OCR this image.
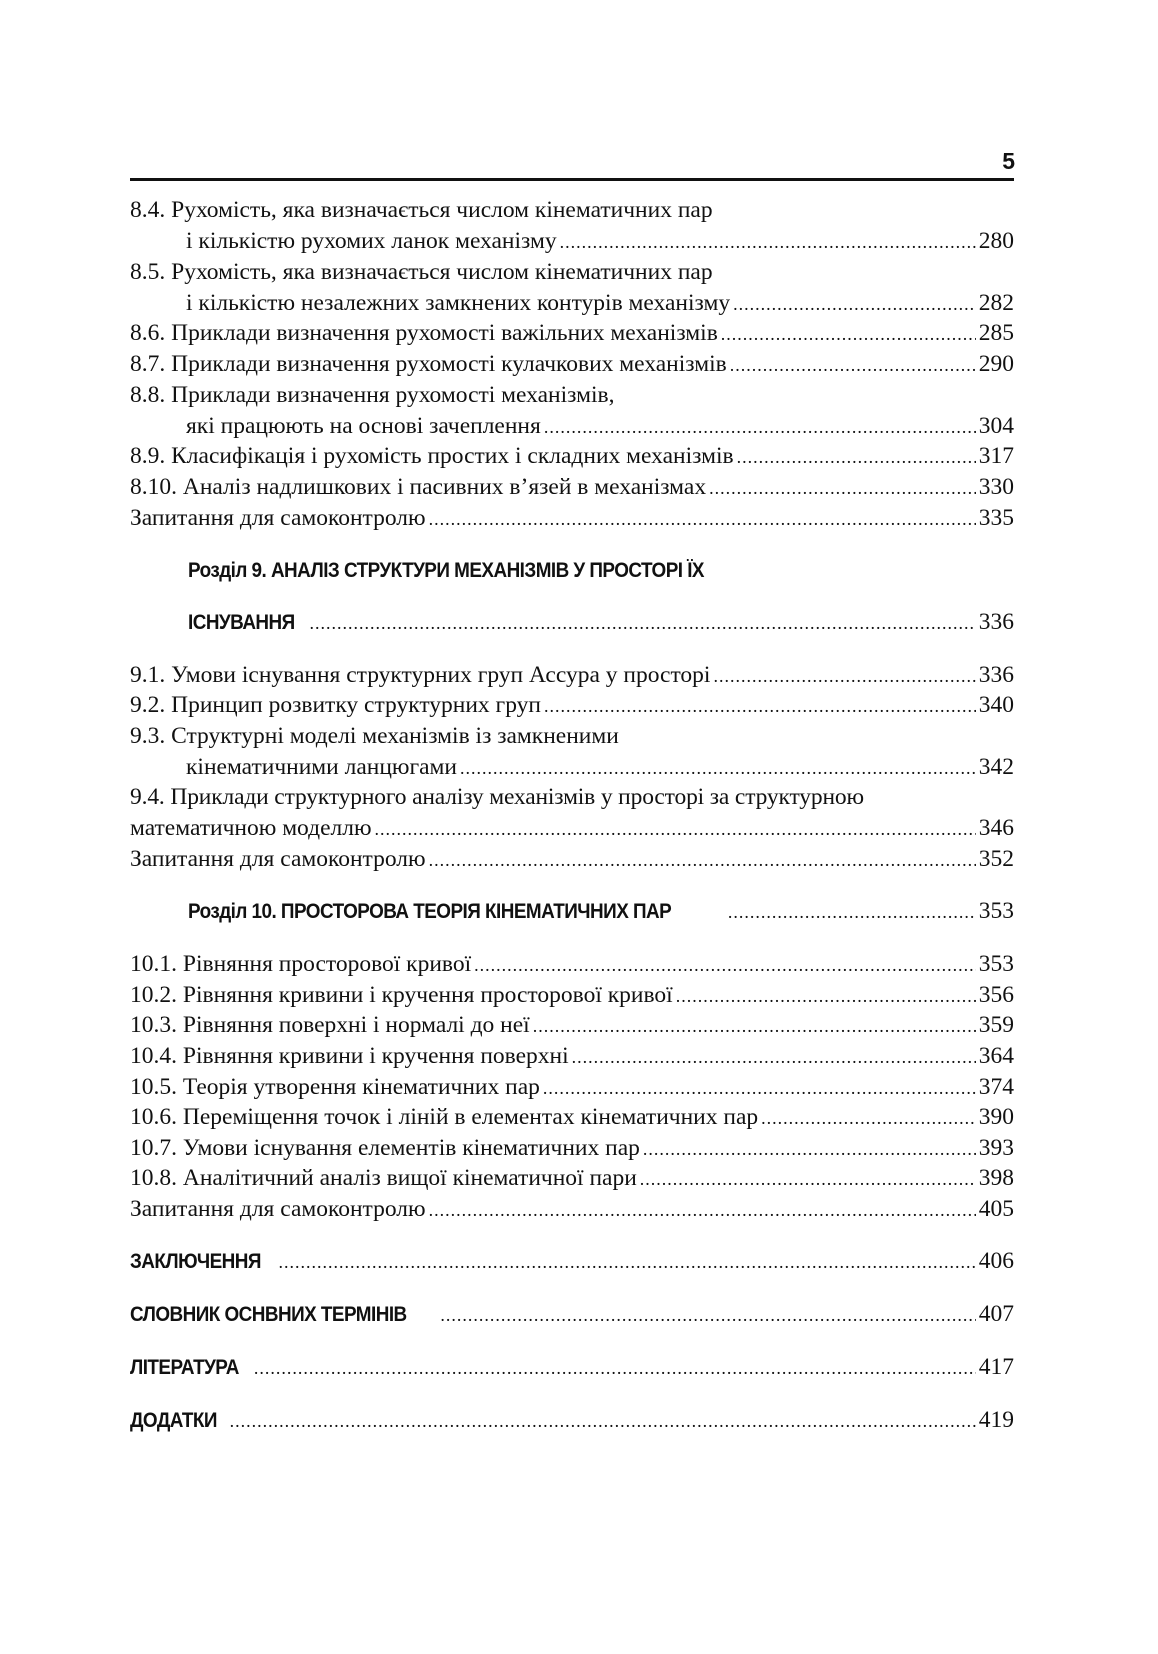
5
8.4. Рухомість, яка визначається числом кінематичних пар
і кількістю рухомих ланок механізму .....	280
8.5. Рухомість, яка визначається числом кінематичних пар
і кількістю незалежних замкнених контурів механізму .....	282
8.6. Приклади визначення рухомості важільних механізмів .....	285
8.7. Приклади визначення рухомості кулачкових механізмів .....	290
8.8. Приклади визначення рухомості механізмів,
які працюють на основі зачеплення .....	304
8.9. Класифікація і рухомість простих і складних механізмів .....	317
8.10. Аналіз надлишкових і пасивних в’язей в механізмах .....	330
Запитання для самоконтролю .....	335
Розділ 9. АНАЛІЗ СТРУКТУРИ МЕХАНІЗМІВ У ПРОСТОРІ ЇХ
ІСНУВАННЯ .....	336
9.1. Умови існування структурних груп Ассура у просторі .....	336
9.2. Принцип розвитку структурних груп .....	340
9.3. Структурні моделі механізмів із замкненими
кінематичними ланцюгами .....	342
9.4. Приклади структурного аналізу механізмів у просторі за структурною
математичною моделлю .....	346
Запитання для самоконтролю .....	352
Розділ 10. ПРОСТОРОВА ТЕОРІЯ КІНЕМАТИЧНИХ ПАР .....	353
10.1. Рівняння просторової кривої .....	353
10.2. Рівняння кривини і кручення просторової кривої .....	356
10.3. Рівняння поверхні і нормалі до неї .....	359
10.4. Рівняння кривини і кручення поверхні .....	364
10.5. Теорія утворення кінематичних пар .....	374
10.6. Переміщення точок і ліній в елементах кінематичних пар .....	390
10.7. Умови існування елементів кінематичних пар .....	393
10.8. Аналітичний аналіз вищої кінематичної пари .....	398
Запитання для самоконтролю .....	405
ЗАКЛЮЧЕННЯ .....	406
СЛОВНИК ОСНВНИХ ТЕРМІНІВ .....	407
ЛІТЕРАТУРА .....	417
ДОДАТКИ .....	419
